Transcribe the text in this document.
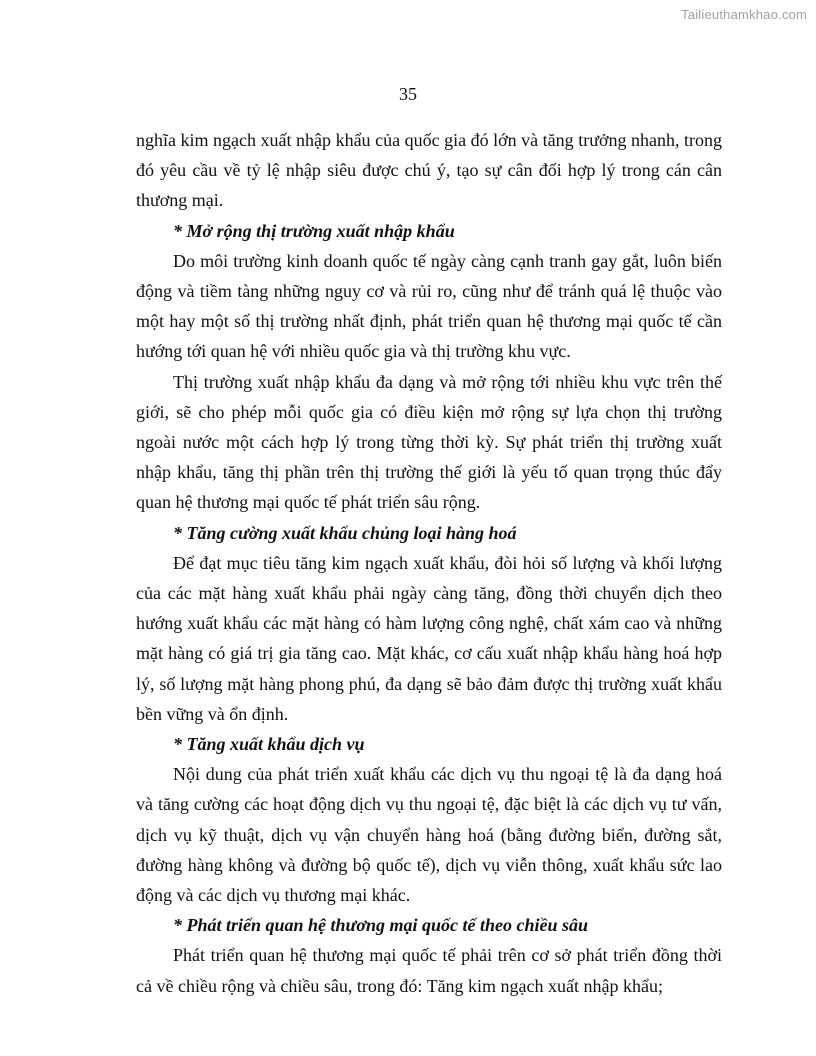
Tailieuthamkhao.com
35

nghĩa kim ngạch xuất nhập khẩu của quốc gia đó lớn và tăng trưởng nhanh, trong đó yêu cầu về tỷ lệ nhập siêu được chú ý, tạo sự cân đối hợp lý trong cán cân thương mại.

* Mở rộng thị trường xuất nhập khẩu

Do môi trường kinh doanh quốc tế ngày càng cạnh tranh gay gắt, luôn biến động và tiềm tàng những nguy cơ và rủi ro, cũng như để tránh quá lệ thuộc vào một hay một số thị trường nhất định, phát triển quan hệ thương mại quốc tế cần hướng tới quan hệ với nhiều quốc gia và thị trường khu vực.

Thị trường xuất nhập khẩu đa dạng và mở rộng tới nhiều khu vực trên thế giới, sẽ cho phép mỗi quốc gia có điều kiện mở rộng sự lựa chọn thị trường ngoài nước một cách hợp lý trong từng thời kỳ. Sự phát triển thị trường xuất nhập khẩu, tăng thị phần trên thị trường thế giới là yếu tố quan trọng thúc đẩy quan hệ thương mại quốc tế phát triển sâu rộng.

* Tăng cường xuất khẩu chủng loại hàng hoá

Để đạt mục tiêu tăng kim ngạch xuất khẩu, đòi hỏi số lượng và khối lượng của các mặt hàng xuất khẩu phải ngày càng tăng, đồng thời chuyển dịch theo hướng xuất khẩu các mặt hàng có hàm lượng công nghệ, chất xám cao và những mặt hàng có giá trị gia tăng cao. Mặt khác, cơ cấu xuất nhập khẩu hàng hoá hợp lý, số lượng mặt hàng phong phú, đa dạng sẽ bảo đảm được thị trường xuất khẩu bền vững và ổn định.

* Tăng xuất khẩu dịch vụ

Nội dung của phát triển xuất khẩu các dịch vụ thu ngoại tệ là đa dạng hoá và tăng cường các hoạt động dịch vụ thu ngoại tệ, đặc biệt là các dịch vụ tư vấn, dịch vụ kỹ thuật, dịch vụ vận chuyển hàng hoá (bằng đường biển, đường sắt, đường hàng không và đường bộ quốc tế), dịch vụ viễn thông, xuất khẩu sức lao động và các dịch vụ thương mại khác.

* Phát triển quan hệ thương mại quốc tế theo chiều sâu

Phát triển quan hệ thương mại quốc tế phải trên cơ sở phát triển đồng thời cả về chiều rộng và chiều sâu, trong đó: Tăng kim ngạch xuất nhập khẩu;
